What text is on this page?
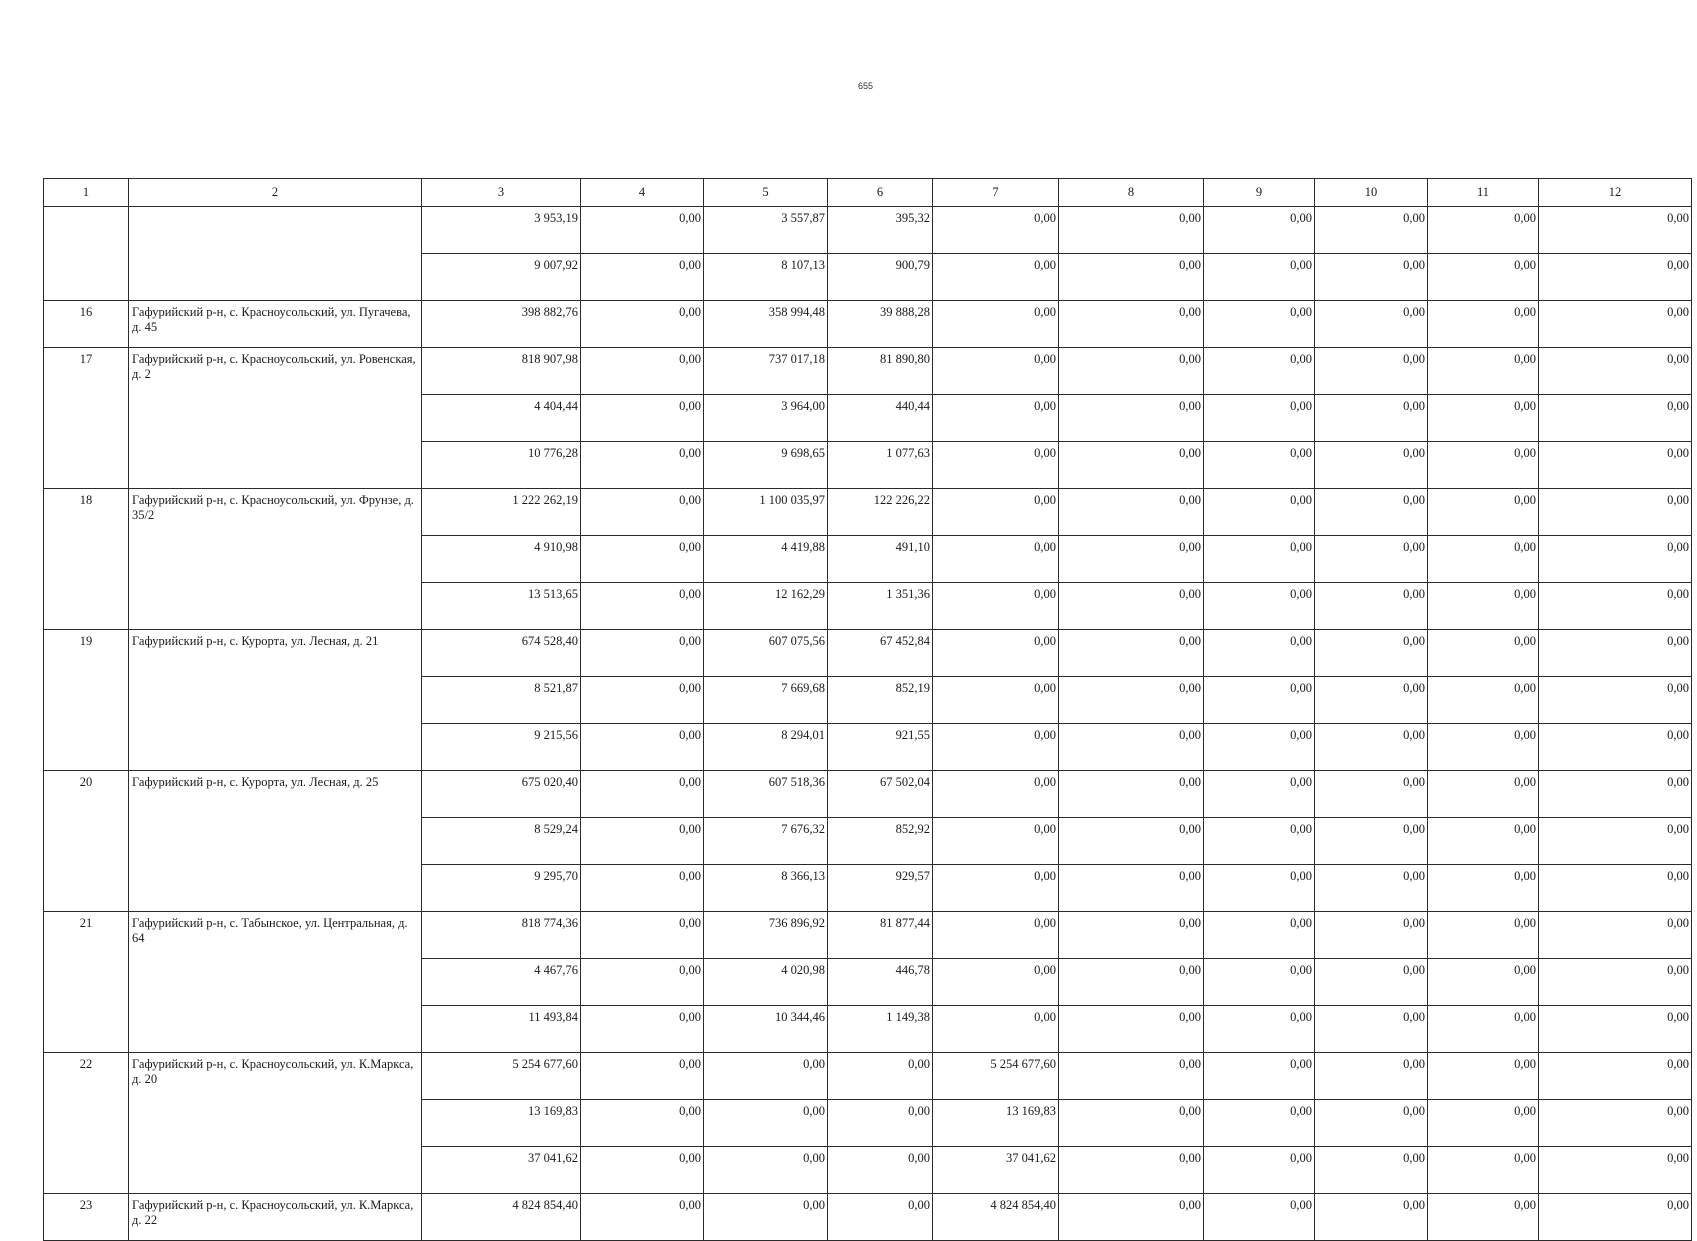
655
1	2	3	4	5	6	7	8	9	10	11	12
		3 953,19	0,00	3 557,87	395,32	0,00	0,00	0,00	0,00	0,00	0,00
		9 007,92	0,00	8 107,13	900,79	0,00	0,00	0,00	0,00	0,00	0,00
16	Гафурийский р-н, с. Красноусольский, ул. Пугачева, д. 45	398 882,76	0,00	358 994,48	39 888,28	0,00	0,00	0,00	0,00	0,00	0,00
17	Гафурийский р-н, с. Красноусольский, ул. Ровенская, д. 2	818 907,98	0,00	737 017,18	81 890,80	0,00	0,00	0,00	0,00	0,00	0,00
		4 404,44	0,00	3 964,00	440,44	0,00	0,00	0,00	0,00	0,00	0,00
		10 776,28	0,00	9 698,65	1 077,63	0,00	0,00	0,00	0,00	0,00	0,00
18	Гафурийский р-н, с. Красноусольский, ул. Фрунзе, д. 35/2	1 222 262,19	0,00	1 100 035,97	122 226,22	0,00	0,00	0,00	0,00	0,00	0,00
		4 910,98	0,00	4 419,88	491,10	0,00	0,00	0,00	0,00	0,00	0,00
		13 513,65	0,00	12 162,29	1 351,36	0,00	0,00	0,00	0,00	0,00	0,00
19	Гафурийский р-н, с. Курорта, ул. Лесная, д. 21	674 528,40	0,00	607 075,56	67 452,84	0,00	0,00	0,00	0,00	0,00	0,00
		8 521,87	0,00	7 669,68	852,19	0,00	0,00	0,00	0,00	0,00	0,00
		9 215,56	0,00	8 294,01	921,55	0,00	0,00	0,00	0,00	0,00	0,00
20	Гафурийский р-н, с. Курорта, ул. Лесная, д. 25	675 020,40	0,00	607 518,36	67 502,04	0,00	0,00	0,00	0,00	0,00	0,00
		8 529,24	0,00	7 676,32	852,92	0,00	0,00	0,00	0,00	0,00	0,00
		9 295,70	0,00	8 366,13	929,57	0,00	0,00	0,00	0,00	0,00	0,00
21	Гафурийский р-н, с. Табынское, ул. Центральная, д. 64	818 774,36	0,00	736 896,92	81 877,44	0,00	0,00	0,00	0,00	0,00	0,00
		4 467,76	0,00	4 020,98	446,78	0,00	0,00	0,00	0,00	0,00	0,00
		11 493,84	0,00	10 344,46	1 149,38	0,00	0,00	0,00	0,00	0,00	0,00
22	Гафурийский р-н, с. Красноусольский, ул. К.Маркса, д. 20	5 254 677,60	0,00	0,00	0,00	5 254 677,60	0,00	0,00	0,00	0,00	0,00
		13 169,83	0,00	0,00	0,00	13 169,83	0,00	0,00	0,00	0,00	0,00
		37 041,62	0,00	0,00	0,00	37 041,62	0,00	0,00	0,00	0,00	0,00
23	Гафурийский р-н, с. Красноусольский, ул. К.Маркса, д. 22	4 824 854,40	0,00	0,00	0,00	4 824 854,40	0,00	0,00	0,00	0,00	0,00
